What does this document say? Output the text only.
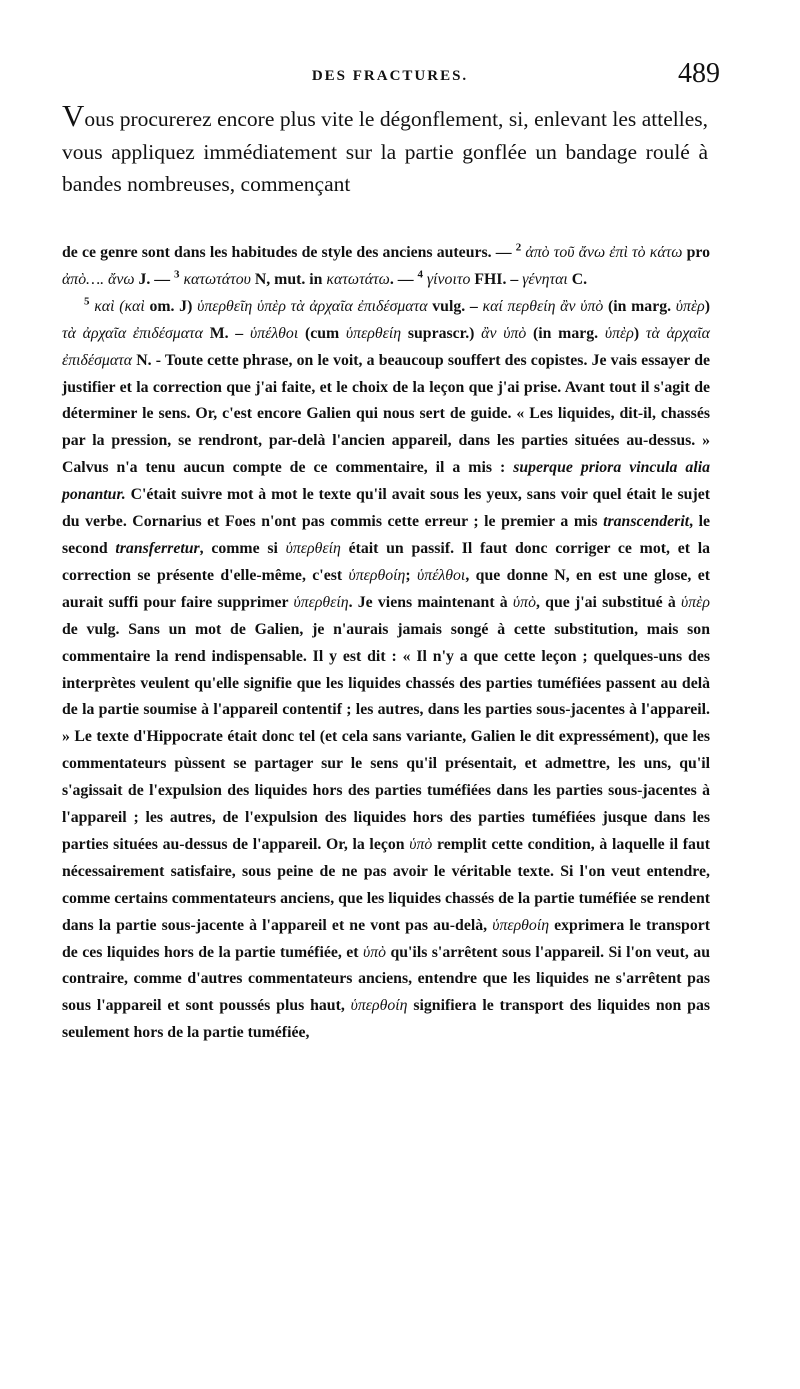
DES FRACTURES.	489

Vous procurerez encore plus vite le dégonflement, si, enlevant les attelles, vous appliquez immédiatement sur la partie gonflée un bandage roulé à bandes nombreuses, commençant

de ce genre sont dans les habitudes de style des anciens auteurs. — $^2$ ἀπὸ τοῦ ἄνω ἐπὶ τὸ κάτω pro ἀπὸ…. ἄνω J. — $^3$ κατωτάτου N, mut. in κατωτάτω. — $^4$ γίνοιτο FHI. – γένηται C.

$^5$ καὶ (καὶ om. J) ὑπερθεῖη ὑπὲρ τὰ ἀρχαῖα ἐπιδέσματα vulg. – καί περθείη ἂν ὑπὸ (in marg. ὑπὲρ) τὰ ἀρχαῖα ἐπιδέσματα M. – ὑπέλθοι (cum ὑπερθείη suprascr.) ἂν ὑπὸ (in marg. ὑπὲρ) τὰ ἀρχαῖα ἐπιδέσματα N. - Toute cette phrase, on le voit, a beaucoup souffert des copistes. Je vais essayer de justifier et la correction que j'ai faite, et le choix de la leçon que j'ai prise. Avant tout il s'agit de déterminer le sens. Or, c'est encore Galien qui nous sert de guide. « Les liquides, dit-il, chassés par la pression, se rendront, par-delà l'ancien appareil, dans les parties situées au-dessus. » Calvus n'a tenu aucun compte de ce commentaire, il a mis : superque priora vincula alia ponantur. C'était suivre mot à mot le texte qu'il avait sous les yeux, sans voir quel était le sujet du verbe. Cornarius et Foes n'ont pas commis cette erreur ; le premier a mis transcenderit, le second transferretur, comme si ὑπερθείη était un passif. Il faut donc corriger ce mot, et la correction se présente d'elle-même, c'est ὑπερθοίη; ὑπέλθοι, que donne N, en est une glose, et aurait suffi pour faire supprimer ὑπερθείη. Je viens maintenant à ὑπὸ, que j'ai substitué à ὑπὲρ de vulg. Sans un mot de Galien, je n'aurais jamais songé à cette substitution, mais son commentaire la rend indispensable. Il y est dit : « Il n'y a que cette leçon ; quelques-uns des interprètes veulent qu'elle signifie que les liquides chassés des parties tuméfiées passent au delà de la partie soumise à l'appareil contentif ; les autres, dans les parties sous-jacentes à l'appareil. » Le texte d'Hippocrate était donc tel (et cela sans variante, Galien le dit expressément), que les commentateurs pùssent se partager sur le sens qu'il présentait, et admettre, les uns, qu'il s'agissait de l'expulsion des liquides hors des parties tuméfiées dans les parties sous-jacentes à l'appareil ; les autres, de l'expulsion des liquides hors des parties tuméfiées jusque dans les parties situées au-dessus de l'appareil. Or, la leçon ὑπὸ remplit cette condition, à laquelle il faut nécessairement satisfaire, sous peine de ne pas avoir le véritable texte. Si l'on veut entendre, comme certains commentateurs anciens, que les liquides chassés de la partie tuméfiée se rendent dans la partie sous-jacente à l'appareil et ne vont pas au-delà, ὑπερθοίη exprimera le transport de ces liquides hors de la partie tuméfiée, et ὑπὸ qu'ils s'arrêtent sous l'appareil. Si l'on veut, au contraire, comme d'autres commentateurs anciens, entendre que les liquides ne s'arrêtent pas sous l'appareil et sont poussés plus haut, ὑπερθοίη signifiera le transport des liquides non pas seulement hors de la partie tuméfiée,
